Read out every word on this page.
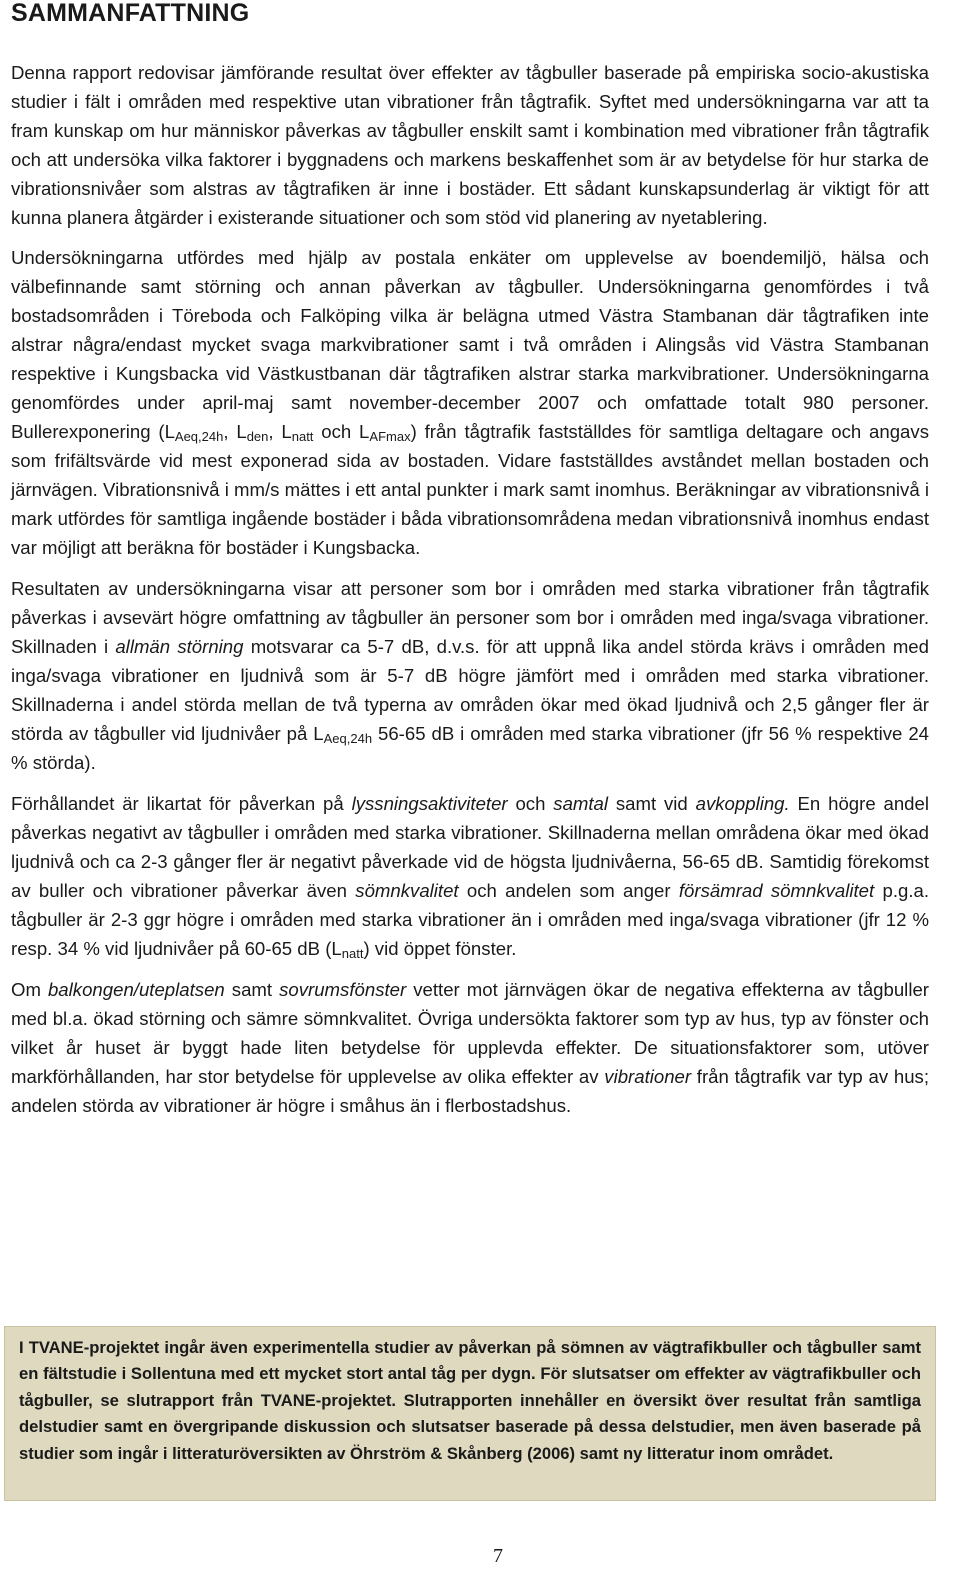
SAMMANFATTNING

Denna rapport redovisar jämförande resultat över effekter av tågbuller baserade på empiriska socio-akustiska studier i fält i områden med respektive utan vibrationer från tågtrafik. Syftet med undersökningarna var att ta fram kunskap om hur människor påverkas av tågbuller enskilt samt i kombination med vibrationer från tågtrafik och att undersöka vilka faktorer i byggnadens och markens beskaffenhet som är av betydelse för hur starka de vibrationsnivåer som alstras av tågtrafiken är inne i bostäder. Ett sådant kunskapsunderlag är viktigt för att kunna planera åtgärder i existerande situationer och som stöd vid planering av nyetablering.

Undersökningarna utfördes med hjälp av postala enkäter om upplevelse av boendemiljö, hälsa och välbefinnande samt störning och annan påverkan av tågbuller. Undersökningarna genomfördes i två bostadsområden i Töreboda och Falköping vilka är belägna utmed Västra Stambanan där tågtrafiken inte alstrar några/endast mycket svaga markvibrationer samt i två områden i Alingsås vid Västra Stambanan respektive i Kungsbacka vid Västkustbanan där tågtrafiken alstrar starka markvibrationer. Undersökningarna genomfördes under april-maj samt november-december 2007 och omfattade totalt 980 personer. Bullerexponering ($L_{Aeq,24h}$, $L_{den}$, $L_{natt}$ och $L_{AFmax}$) från tågtrafik fastställdes för samtliga deltagare och angavs som frifältsvärde vid mest exponerad sida av bostaden. Vidare fastställdes avståndet mellan bostaden och järnvägen. Vibrationsnivå i mm/s mättes i ett antal punkter i mark samt inomhus. Beräkningar av vibrationsnivå i mark utfördes för samtliga ingående bostäder i båda vibrationsområdena medan vibrationsnivå inomhus endast var möjligt att beräkna för bostäder i Kungsbacka.

Resultaten av undersökningarna visar att personer som bor i områden med starka vibrationer från tågtrafik påverkas i avsevärt högre omfattning av tågbuller än personer som bor i områden med inga/svaga vibrationer. Skillnaden i allmän störning motsvarar ca 5-7 dB, d.v.s. för att uppnå lika andel störda krävs i områden med inga/svaga vibrationer en ljudnivå som är 5-7 dB högre jämfört med i områden med starka vibrationer. Skillnaderna i andel störda mellan de två typerna av områden ökar med ökad ljudnivå och 2,5 gånger fler är störda av tågbuller vid ljudnivåer på $L_{Aeq,24h}$ 56-65 dB i områden med starka vibrationer (jfr 56 % respektive 24 % störda).

Förhållandet är likartat för påverkan på lyssningsaktiviteter och samtal samt vid avkoppling. En högre andel påverkas negativt av tågbuller i områden med starka vibrationer. Skillnaderna mellan områdena ökar med ökad ljudnivå och ca 2-3 gånger fler är negativt påverkade vid de högsta ljudnivåerna, 56-65 dB. Samtidig förekomst av buller och vibrationer påverkar även sömnkvalitet och andelen som anger försämrad sömnkvalitet p.g.a. tågbuller är 2-3 ggr högre i områden med starka vibrationer än i områden med inga/svaga vibrationer (jfr 12 % resp. 34 % vid ljudnivåer på 60-65 dB $(L_{natt})$ vid öppet fönster.

Om balkongen/uteplatsen samt sovrumsfönster vetter mot järnvägen ökar de negativa effekterna av tågbuller med bl.a. ökad störning och sämre sömnkvalitet. Övriga undersökta faktorer som typ av hus, typ av fönster och vilket år huset är byggt hade liten betydelse för upplevda effekter. De situationsfaktorer som, utöver markförhållanden, har stor betydelse för upplevelse av olika effekter av vibrationer från tågtrafik var typ av hus; andelen störda av vibrationer är högre i småhus än i flerbostadshus.

I TVANE-projektet ingår även experimentella studier av påverkan på sömnen av vägtrafikbuller och tågbuller samt en fältstudie i Sollentuna med ett mycket stort antal tåg per dygn. För slutsatser om effekter av vägtrafikbuller och tågbuller, se slutrapport från TVANE-projektet. Slutrapporten innehåller en översikt över resultat från samtliga delstudier samt en övergripande diskussion och slutsatser baserade på dessa delstudier, men även baserade på studier som ingår i litteraturöversikten av Öhrström & Skånberg (2006) samt ny litteratur inom området.

7
